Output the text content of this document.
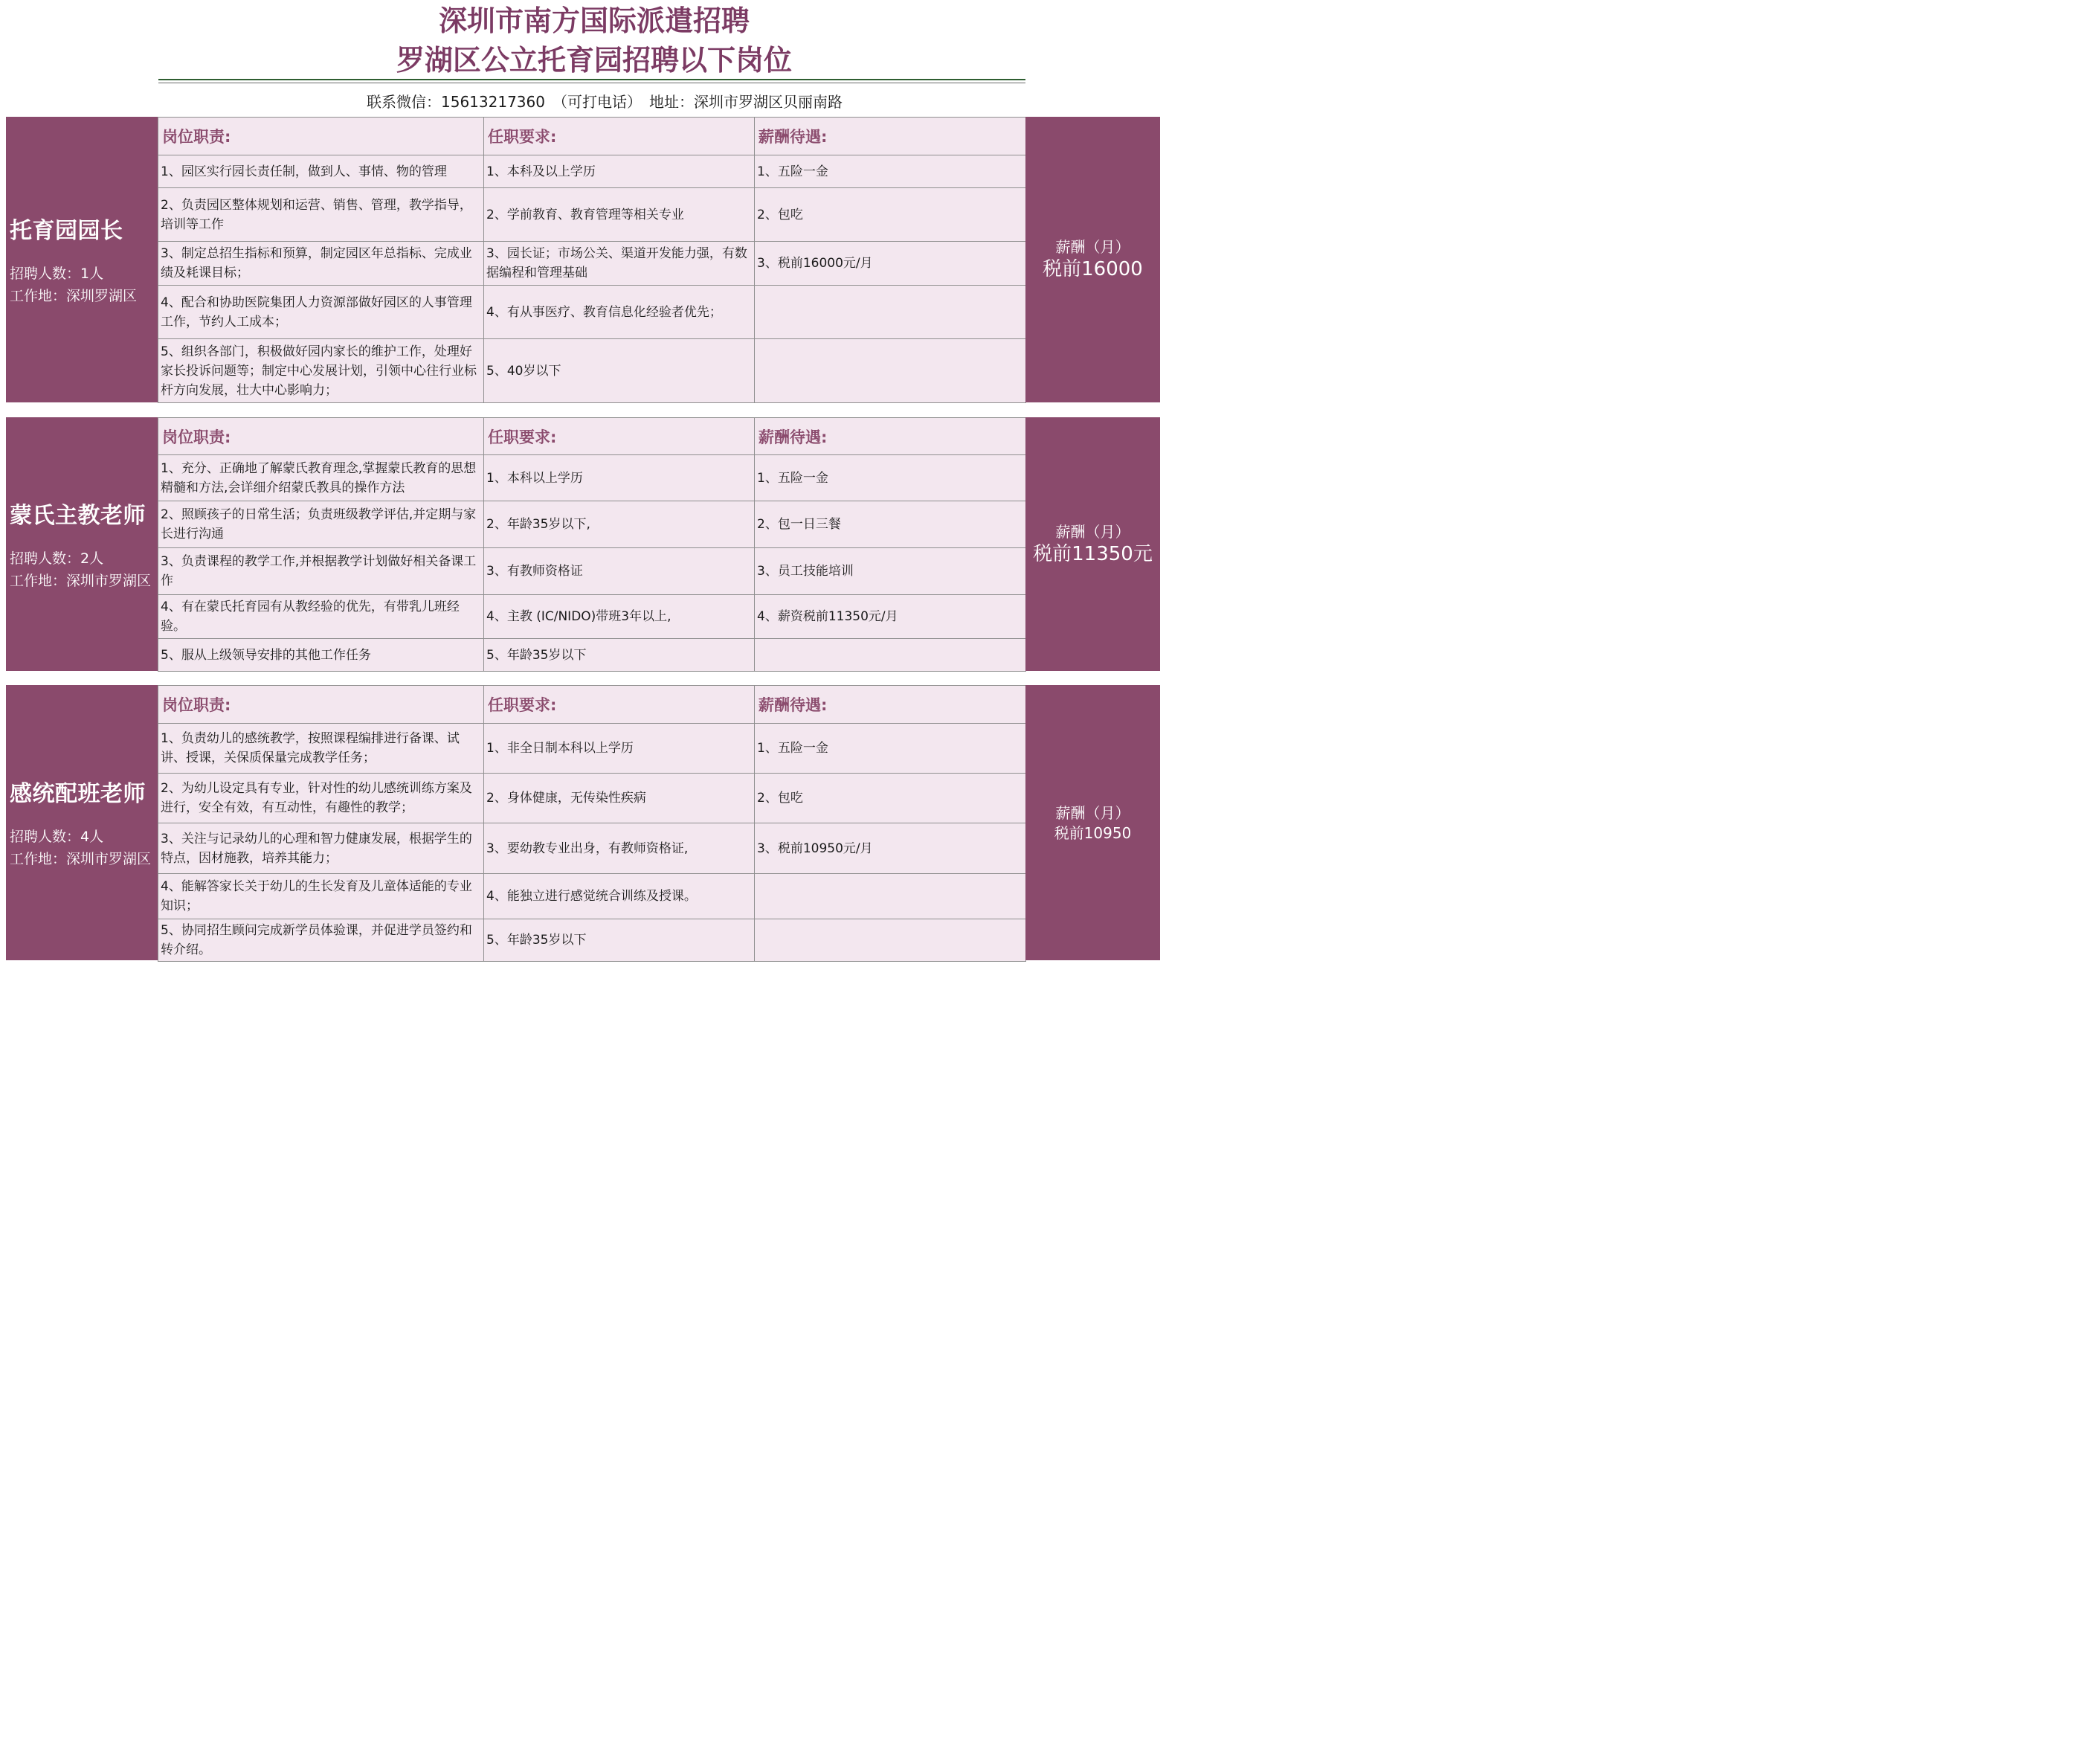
深圳市南方国际派遣招聘
罗湖区公立托育园招聘以下岗位
联系微信：15613217360　（可打电话）　地址：深圳市罗湖区贝丽南路
托育园园长
招聘人数：1人
工作地：深圳罗湖区
岗位职责:	任职要求:	薪酬待遇:
1、园区实行园长责任制，做到人、事情、物的管理	1、本科及以上学历	1、五险一金
2、负责园区整体规划和运营、销售、管理，教学指导，培训等工作	2、学前教育、教育管理等相关专业	2、包吃
3、制定总招生指标和预算，制定园区年总指标、完成业绩及耗课目标；	3、园长证；市场公关、渠道开发能力强，有数据编程和管理基础	3、税前16000元/月
4、配合和协助医院集团人力资源部做好园区的人事管理工作，节约人工成本；	4、有从事医疗、教育信息化经验者优先；	
5、组织各部门，积极做好园内家长的维护工作，处理好家长投诉问题等；制定中心发展计划，引领中心往行业标杆方向发展，壮大中心影响力；	5、40岁以下	
薪酬（月）
税前16000
蒙氏主教老师
招聘人数：2人
工作地：深圳市罗湖区
岗位职责:	任职要求:	薪酬待遇:
1、充分、正确地了解蒙氏教育理念,掌握蒙氏教育的思想精髓和方法,会详细介绍蒙氏教具的操作方法	1、本科以上学历	1、五险一金
2、照顾孩子的日常生活；负责班级教学评估,并定期与家长进行沟通	2、年龄35岁以下,	2、包一日三餐
3、负责课程的教学工作,并根据教学计划做好相关备课工作	3、有教师资格证	3、员工技能培训
4、有在蒙氏托育园有从教经验的优先，有带乳儿班经验。	4、主教 (IC/NIDO)带班3年以上,	4、薪资税前11350元/月
5、服从上级领导安排的其他工作任务	5、年龄35岁以下	
薪酬（月）
税前11350元
感统配班老师
招聘人数：4人
工作地：深圳市罗湖区
岗位职责:	任职要求:	薪酬待遇:
1、负责幼儿的感统教学，按照课程编排进行备课、试讲、授课，关保质保量完成教学任务；	1、非全日制本科以上学历	1、五险一金
2、为幼儿设定具有专业，针对性的幼儿感统训练方案及进行，安全有效，有互动性，有趣性的教学；	2、身体健康，无传染性疾病	2、包吃
3、关注与记录幼儿的心理和智力健康发展，根据学生的特点，因材施教，培养其能力；	3、要幼教专业出身，有教师资格证,	3、税前10950元/月
4、能解答家长关于幼儿的生长发育及儿童体适能的专业知识；	4、能独立进行感觉统合训练及授课。	
5、协同招生顾问完成新学员体验课，并促进学员签约和转介绍。	5、年龄35岁以下	
薪酬（月）
税前10950
